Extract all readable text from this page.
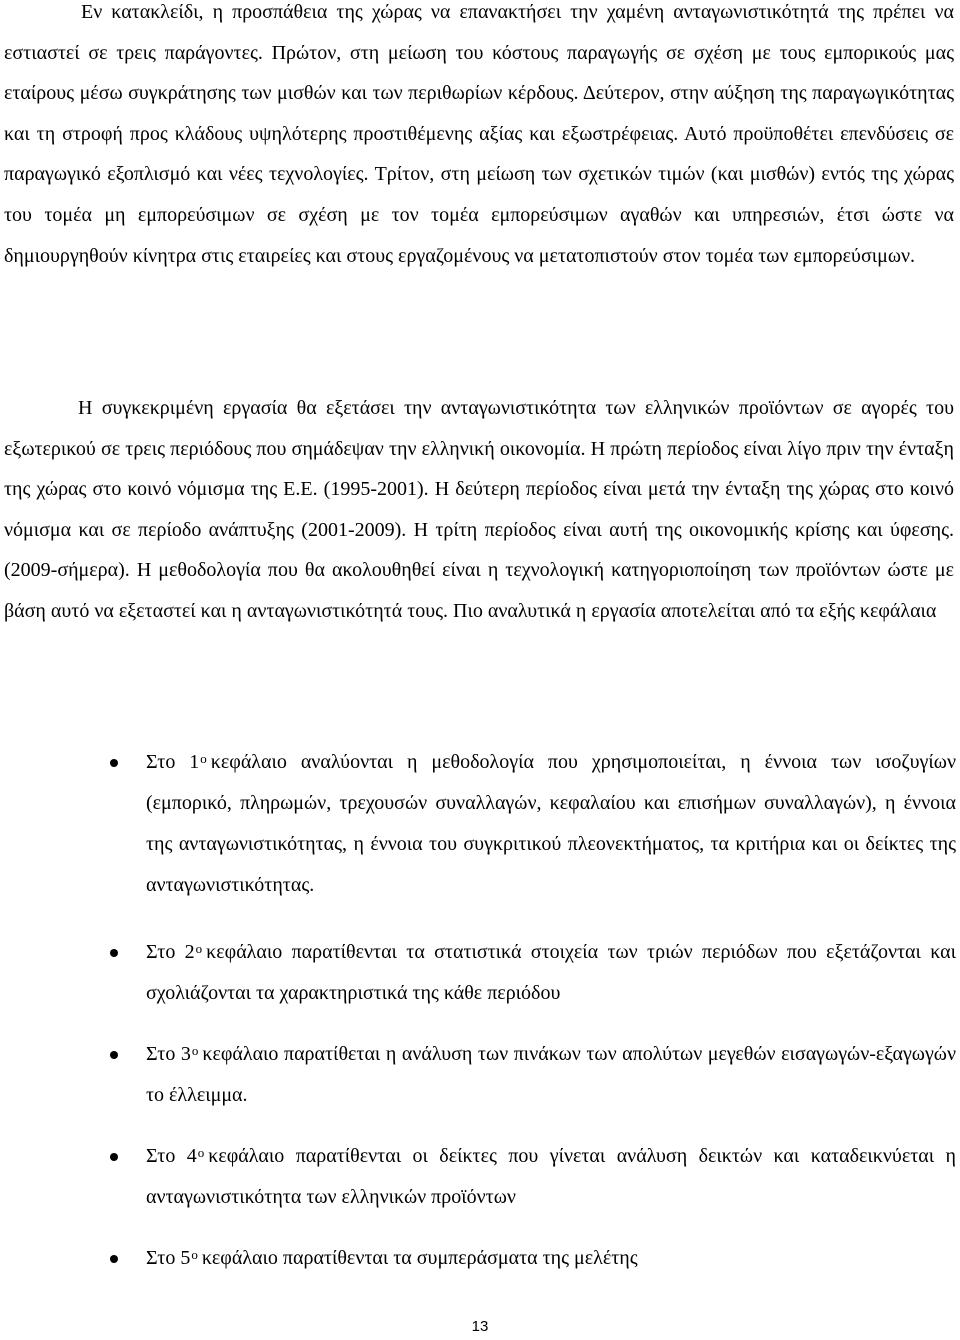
Εν κατακλείδι, η προσπάθεια της χώρας να επανακτήσει την χαμένη ανταγωνιστικότητά της πρέπει να εστιαστεί σε τρεις παράγοντες. Πρώτον, στη μείωση του κόστους παραγωγής σε σχέση με τους εμπορικούς μας εταίρους μέσω συγκράτησης των μισθών και των περιθωρίων κέρδους. Δεύτερον, στην αύξηση της παραγωγικότητας και τη στροφή προς κλάδους υψηλότερης προστιθέμενης αξίας και εξωστρέφειας. Αυτό προϋποθέτει επενδύσεις σε παραγωγικό εξοπλισμό και νέες τεχνολογίες. Τρίτον, στη μείωση των σχετικών τιμών (και μισθών) εντός της χώρας του τομέα μη εμπορεύσιμων σε σχέση με τον τομέα εμπορεύσιμων αγαθών και υπηρεσιών, έτσι ώστε να δημιουργηθούν κίνητρα στις εταιρείες και στους εργαζομένους να μετατοπιστούν στον τομέα των εμπορεύσιμων.

Η συγκεκριμένη εργασία θα εξετάσει την ανταγωνιστικότητα των ελληνικών προϊόντων σε αγορές του εξωτερικού σε τρεις περιόδους που σημάδεψαν την ελληνική οικονομία. Η πρώτη περίοδος είναι λίγο πριν την ένταξη της χώρας στο κοινό νόμισμα της Ε.Ε. (1995-2001). Η δεύτερη περίοδος είναι μετά την ένταξη της χώρας στο κοινό νόμισμα και σε περίοδο ανάπτυξης (2001-2009). Η τρίτη περίοδος είναι αυτή της οικονομικής κρίσης και ύφεσης. (2009-σήμερα). Η μεθοδολογία που θα ακολουθηθεί είναι η τεχνολογική κατηγοριοποίηση των προϊόντων ώστε με βάση αυτό να εξεταστεί και η ανταγωνιστικότητά τους. Πιο αναλυτικά η εργασία αποτελείται από τα εξής κεφάλαια

Στο $1^o$ κεφάλαιο αναλύονται η μεθοδολογία που χρησιμοποιείται, η έννοια των ισοζυγίων (εμπορικό, πληρωμών, τρεχουσών συναλλαγών, κεφαλαίου και επισήμων συναλλαγών), η έννοια της ανταγωνιστικότητας, η έννοια του συγκριτικού πλεονεκτήματος, τα κριτήρια και οι δείκτες της ανταγωνιστικότητας.
Στο $2^o$ κεφάλαιο παρατίθενται τα στατιστικά στοιχεία των τριών περιόδων που εξετάζονται και σχολιάζονται τα χαρακτηριστικά της κάθε περιόδου
Στο $3^o$ κεφάλαιο παρατίθεται η ανάλυση των πινάκων των απολύτων μεγεθών εισαγωγών-εξαγωγών το έλλειμμα.
Στο $4^o$ κεφάλαιο παρατίθενται οι δείκτες που γίνεται ανάλυση δεικτών και καταδεικνύεται η ανταγωνιστικότητα των ελληνικών προϊόντων
Στο $5^o$ κεφάλαιο παρατίθενται τα συμπεράσματα της μελέτης
13
